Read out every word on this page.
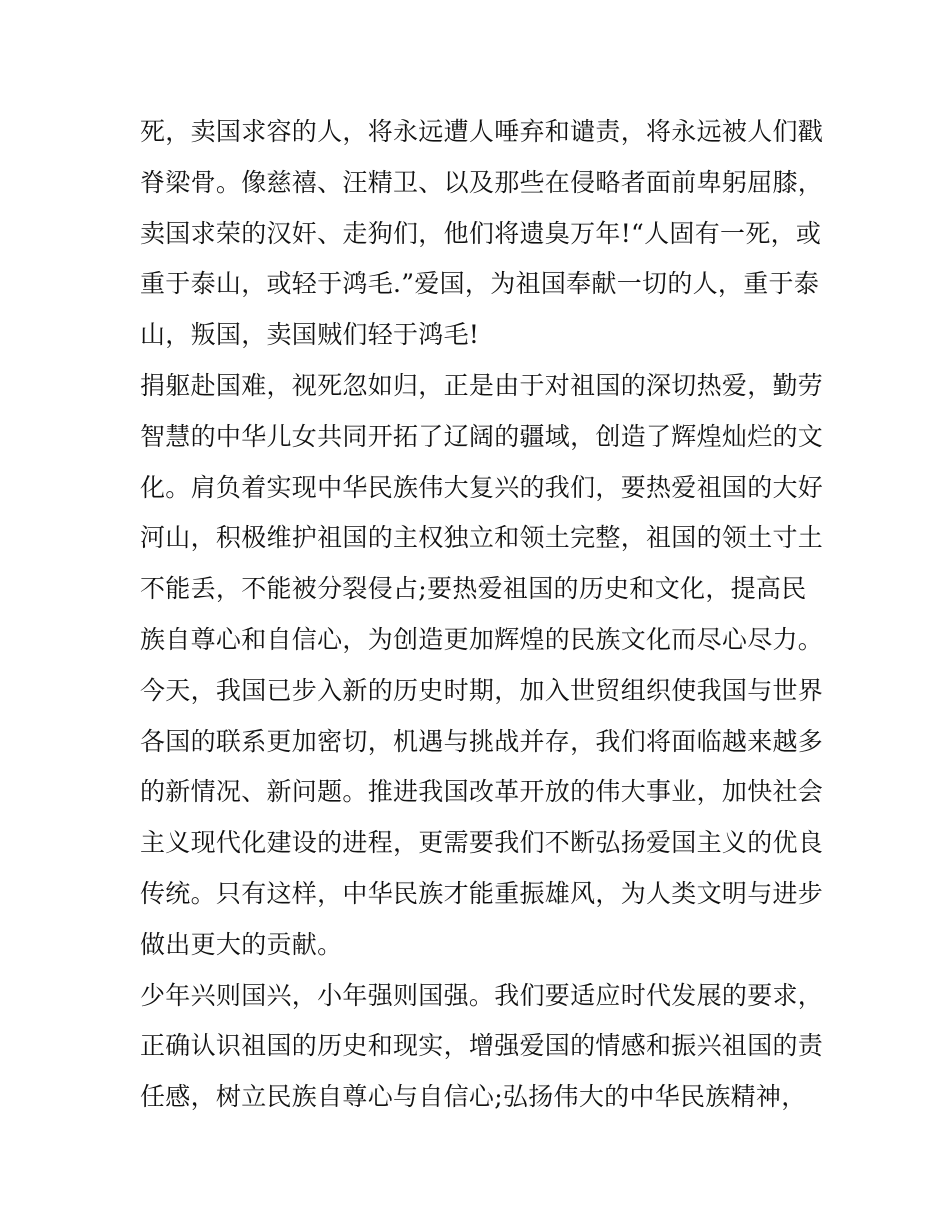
死，卖国求容的人，将永远遭人唾弃和谴责，将永远被人们戳
脊梁骨。像慈禧、汪精卫、以及那些在侵略者面前卑躬屈膝，
卖国求荣的汉奸、走狗们，他们将遗臭万年!“人固有一死，或
重于泰山，或轻于鸿毛.”爱国，为祖国奉献一切的人，重于泰
山，叛国，卖国贼们轻于鸿毛!
捐躯赴国难，视死忽如归，正是由于对祖国的深切热爱，勤劳
智慧的中华儿女共同开拓了辽阔的疆域，创造了辉煌灿烂的文
化。肩负着实现中华民族伟大复兴的我们，要热爱祖国的大好
河山，积极维护祖国的主权独立和领土完整，祖国的领土寸土
不能丢，不能被分裂侵占;要热爱祖国的历史和文化，提高民
族自尊心和自信心，为创造更加辉煌的民族文化而尽心尽力。
今天，我国已步入新的历史时期，加入世贸组织使我国与世界
各国的联系更加密切，机遇与挑战并存，我们将面临越来越多
的新情况、新问题。推进我国改革开放的伟大事业，加快社会
主义现代化建设的进程，更需要我们不断弘扬爱国主义的优良
传统。只有这样，中华民族才能重振雄风，为人类文明与进步
做出更大的贡献。
少年兴则国兴，小年强则国强。我们要适应时代发展的要求，
正确认识祖国的历史和现实，增强爱国的情感和振兴祖国的责
任感，树立民族自尊心与自信心;弘扬伟大的中华民族精神，
